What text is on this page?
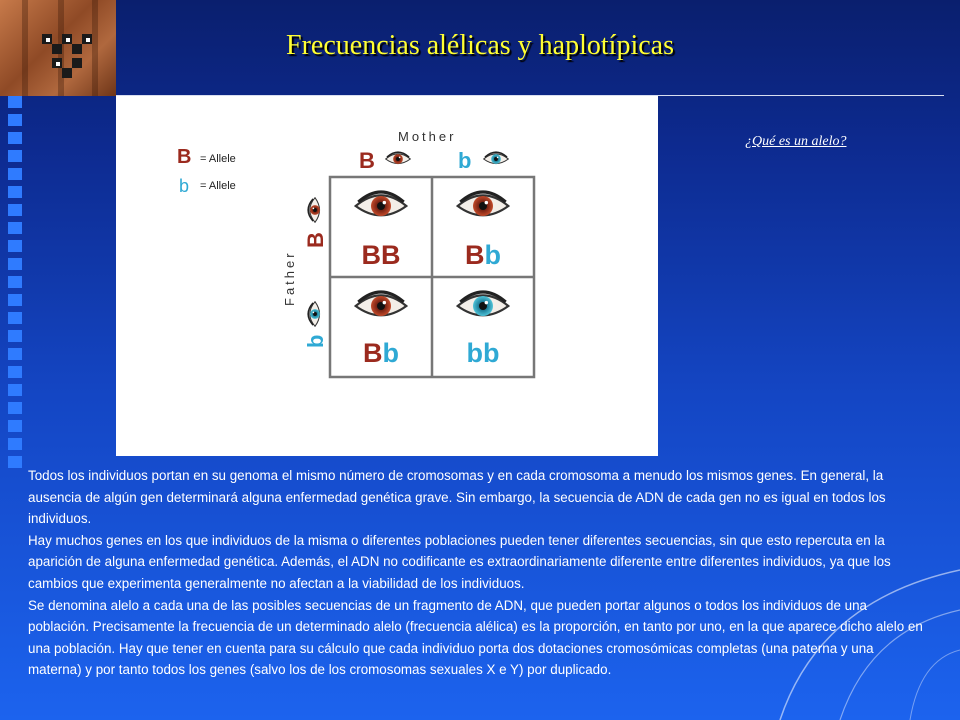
Frecuencias alélicas y haplotípicas
B = Allele
b = Allele
Mother
B	b
Father
B
b
BB Bb
Bb	bb
¿Qué es un alelo?

Todos los individuos portan en su genoma el mismo número de cromosomas y en cada cromosoma a menudo los mismos genes. En general, la ausencia de algún gen determinará alguna enfermedad genética grave. Sin embargo, la secuencia de ADN de cada gen no es igual en todos los individuos.

Hay muchos genes en los que individuos de la misma o diferentes poblaciones pueden tener diferentes secuencias, sin que esto repercuta en la aparición de alguna enfermedad genética. Además, el ADN no codificante es extraordinariamente diferente entre diferentes individuos, ya que los cambios que experimenta generalmente no afectan a la viabilidad de los individuos.

Se denomina alelo a cada una de las posibles secuencias de un fragmento de ADN, que pueden portar algunos o todos los individuos de una población. Precisamente la frecuencia de un determinado alelo (frecuencia alélica) es la proporción, en tanto por uno, en la que aparece dicho alelo en una población. Hay que tener en cuenta para su cálculo que cada individuo porta dos dotaciones cromosómicas completas (una paterna y una materna) y por tanto todos los genes (salvo los de los cromosomas sexuales X e Y) por duplicado.
